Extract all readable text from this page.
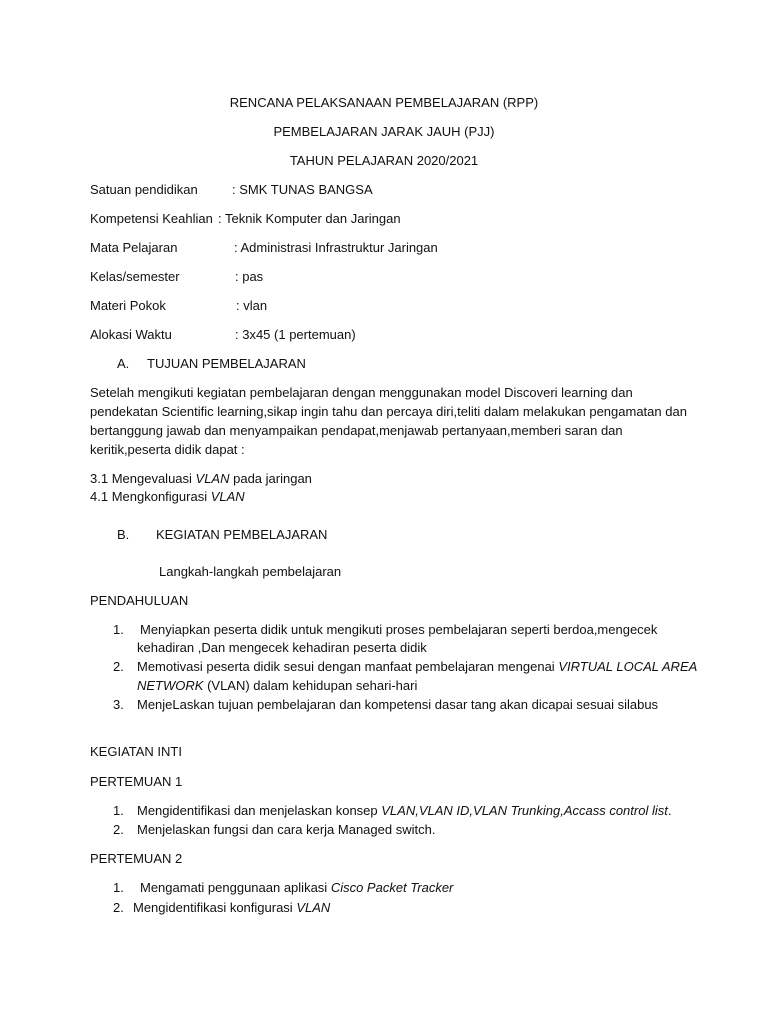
RENCANA PELAKSANAAN PEMBELAJARAN (RPP)
PEMBELAJARAN JARAK JAUH (PJJ)
TAHUN PELAJARAN 2020/2021
Satuan pendidikan	: SMK TUNAS BANGSA
Kompetensi Keahlian : Teknik Komputer dan Jaringan
Mata Pelajaran	: Administrasi Infrastruktur Jaringan
Kelas/semester	: pas
Materi Pokok	: vlan
Alokasi Waktu	: 3x45 (1 pertemuan)
A. TUJUAN PEMBELAJARAN
Setelah mengikuti kegiatan pembelajaran dengan menggunakan model Discoveri learning dan
pendekatan Scientific learning,sikap ingin tahu dan percaya diri,teliti dalam melakukan pengamatan dan
bertanggung jawab dan menyampaikan pendapat,menjawab pertanyaan,memberi saran dan
keritik,peserta didik dapat :
3.1 Mengevaluasi VLAN pada jaringan
4.1 Mengkonfigurasi VLAN
B. KEGIATAN PEMBELAJARAN
Langkah-langkah pembelajaran
PENDAHULUAN
1. Menyiapkan peserta didik untuk mengikuti proses pembelajaran seperti berdoa,mengecek
kehadiran ,Dan mengecek kehadiran peserta didik
2. Memotivasi peserta didik sesui dengan manfaat pembelajaran mengenai VIRTUAL LOCAL AREA
NETWORK (VLAN) dalam kehidupan sehari-hari
3. MenjeLaskan tujuan pembelajaran dan kompetensi dasar tang akan dicapai sesuai silabus
KEGIATAN INTI
PERTEMUAN 1
1. Mengidentifikasi dan menjelaskan konsep VLAN,VLAN ID,VLAN Trunking,Accass control list.
2. Menjelaskan fungsi dan cara kerja Managed switch.
PERTEMUAN 2
1. Mengamati penggunaan aplikasi Cisco Packet Tracker
2. Mengidentifikasi konfigurasi VLAN
